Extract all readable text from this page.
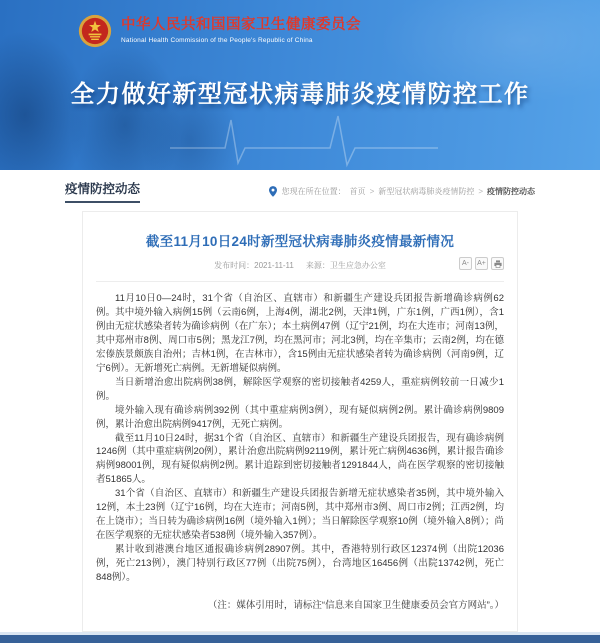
中华人民共和国国家卫生健康委员会
National Health Commission of the People's Republic of China
全力做好新型冠状病毒肺炎疫情防控工作
疫情防控动态	您现在所在位置： 首页 > 新型冠状病毒肺炎疫情防控 > 疫情防控动态
截至11月10日24时新型冠状病毒肺炎疫情最新情况
发布时间：2021-11-11 来源：卫生应急办公室	A-	A+

11月10日0—24时，31个省（自治区、直辖市）和新疆生产建设兵团报告新增确诊病例62例。其中境外输入病例15例（云南6例，上海4例，湖北2例，天津1例，广东1例，广西1例），含1例由无症状感染者转为确诊病例（在广东）；本土病例47例（辽宁21例，均在大连市；河南13例，其中郑州市8例、周口市5例；黑龙江7例，均在黑河市；河北3例，均在辛集市；云南2例，均在德宏傣族景颇族自治州；吉林1例，在吉林市），含15例由无症状感染者转为确诊病例（河南9例，辽宁6例）。无新增死亡病例。无新增疑似病例。

当日新增治愈出院病例38例，解除医学观察的密切接触者4259人，重症病例较前一日减少1例。

境外输入现有确诊病例392例（其中重症病例3例），现有疑似病例2例。累计确诊病例9809例，累计治愈出院病例9417例，无死亡病例。

截至11月10日24时，据31个省（自治区、直辖市）和新疆生产建设兵团报告，现有确诊病例1246例（其中重症病例20例），累计治愈出院病例92119例，累计死亡病例4636例，累计报告确诊病例98001例，现有疑似病例2例。累计追踪到密切接触者1291844人，尚在医学观察的密切接触者51865人。

31个省（自治区、直辖市）和新疆生产建设兵团报告新增无症状感染者35例，其中境外输入12例，本土23例（辽宁16例，均在大连市；河南5例，其中郑州市3例、周口市2例；江西2例，均在上饶市）；当日转为确诊病例16例（境外输入1例）；当日解除医学观察10例（境外输入8例）；尚在医学观察的无症状感染者538例（境外输入357例）。

累计收到港澳台地区通报确诊病例28907例。其中，香港特别行政区12374例（出院12036例，死亡213例），澳门特别行政区77例（出院75例），台湾地区16456例（出院13742例，死亡848例）。

（注：媒体引用时，请标注“信息来自国家卫生健康委员会官方网站”。）
